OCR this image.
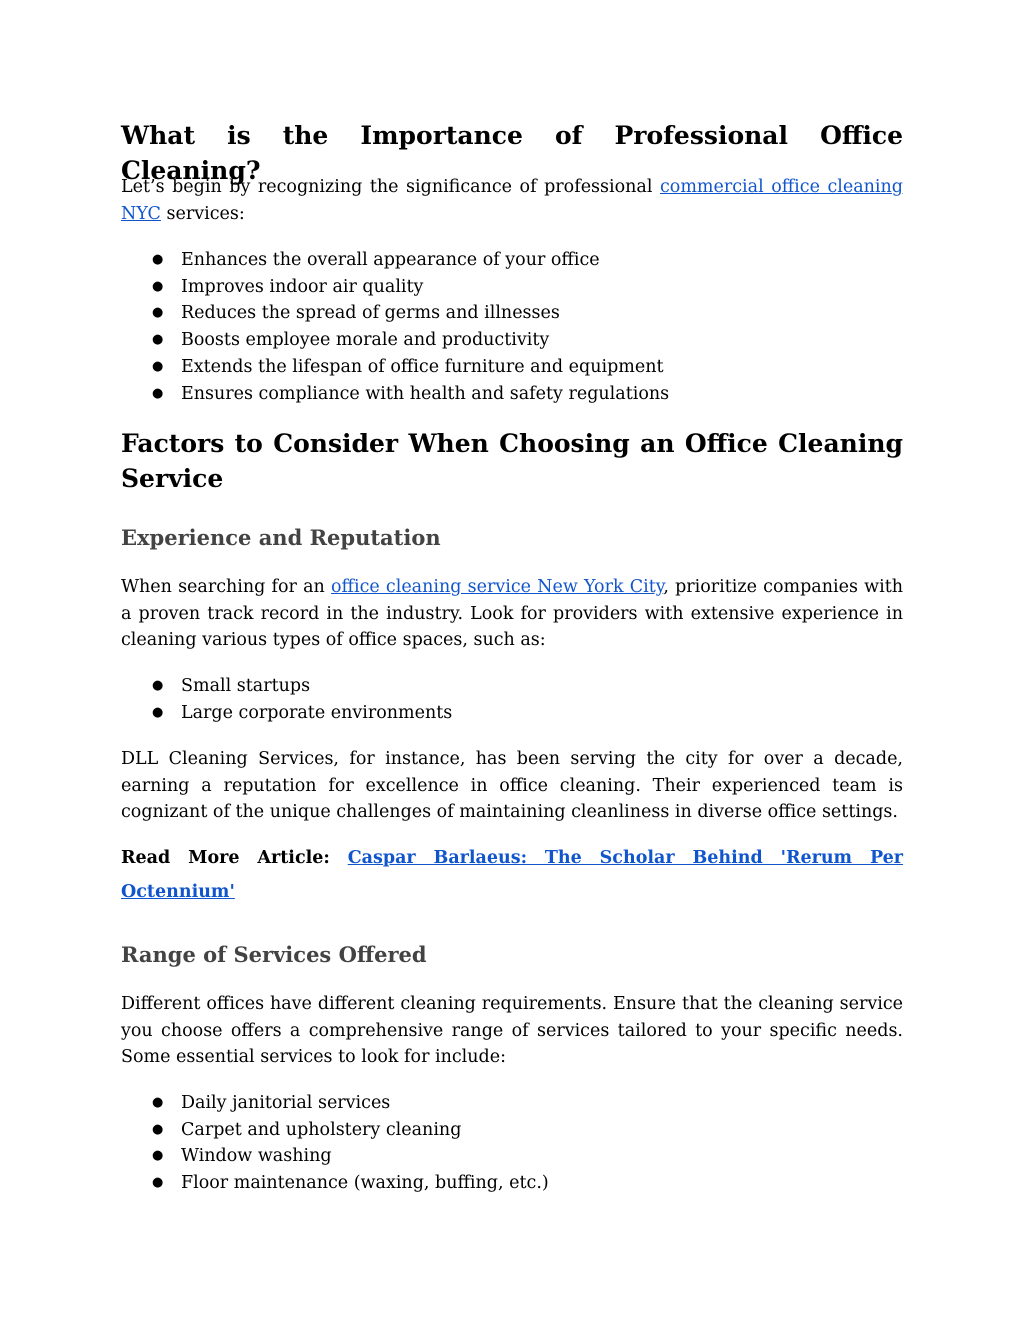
What is the Importance of Professional Office Cleaning?

Let’s begin by recognizing the significance of professional commercial office cleaning NYC services:

● Enhances the overall appearance of your office
● Improves indoor air quality
● Reduces the spread of germs and illnesses
● Boosts employee morale and productivity
● Extends the lifespan of office furniture and equipment
● Ensures compliance with health and safety regulations
Factors to Consider When Choosing an Office Cleaning Service
Experience and Reputation

When searching for an office cleaning service New York City, prioritize companies with a proven track record in the industry. Look for providers with extensive experience in cleaning various types of office spaces, such as:

● Small startups
● Large corporate environments

DLL Cleaning Services, for instance, has been serving the city for over a decade, earning a reputation for excellence in office cleaning. Their experienced team is cognizant of the unique challenges of maintaining cleanliness in diverse office settings.

Read More Article: Caspar Barlaeus: The Scholar Behind 'Rerum Per Octennium'

Range of Services Offered

Different offices have different cleaning requirements. Ensure that the cleaning service you choose offers a comprehensive range of services tailored to your specific needs. Some essential services to look for include:

● Daily janitorial services
● Carpet and upholstery cleaning
● Window washing
● Floor maintenance (waxing, buffing, etc.)
